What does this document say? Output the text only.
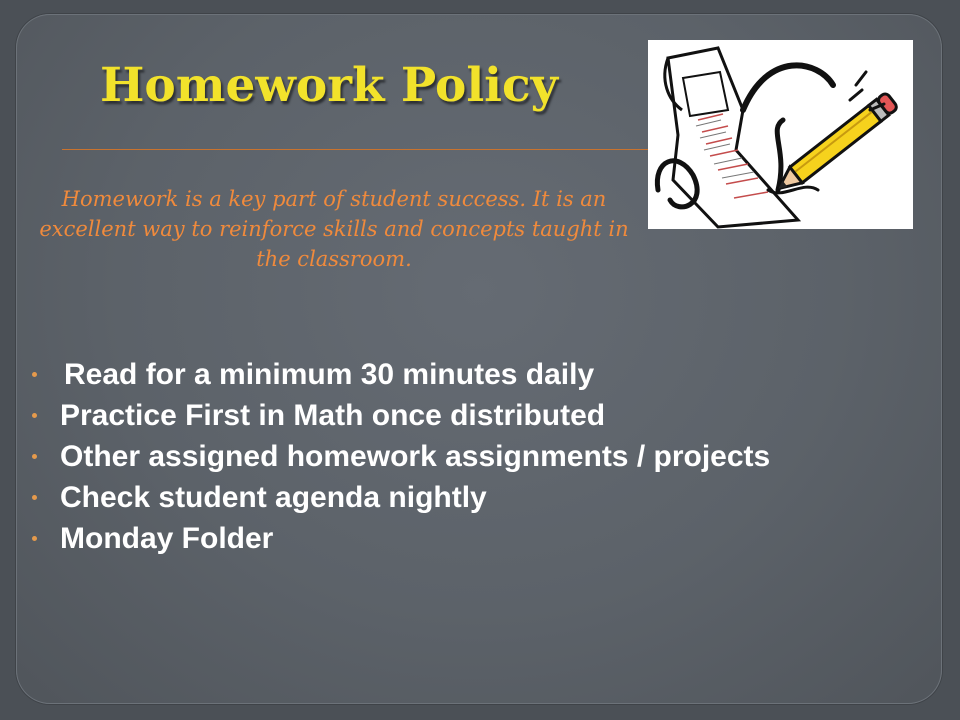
Homework Policy

Homework is a key part of student success. It is an excellent way to reinforce skills and concepts taught in the classroom.

Read for a minimum 30 minutes daily
Practice First in Math once distributed
Other assigned homework assignments / projects
Check student agenda nightly
Monday Folder
